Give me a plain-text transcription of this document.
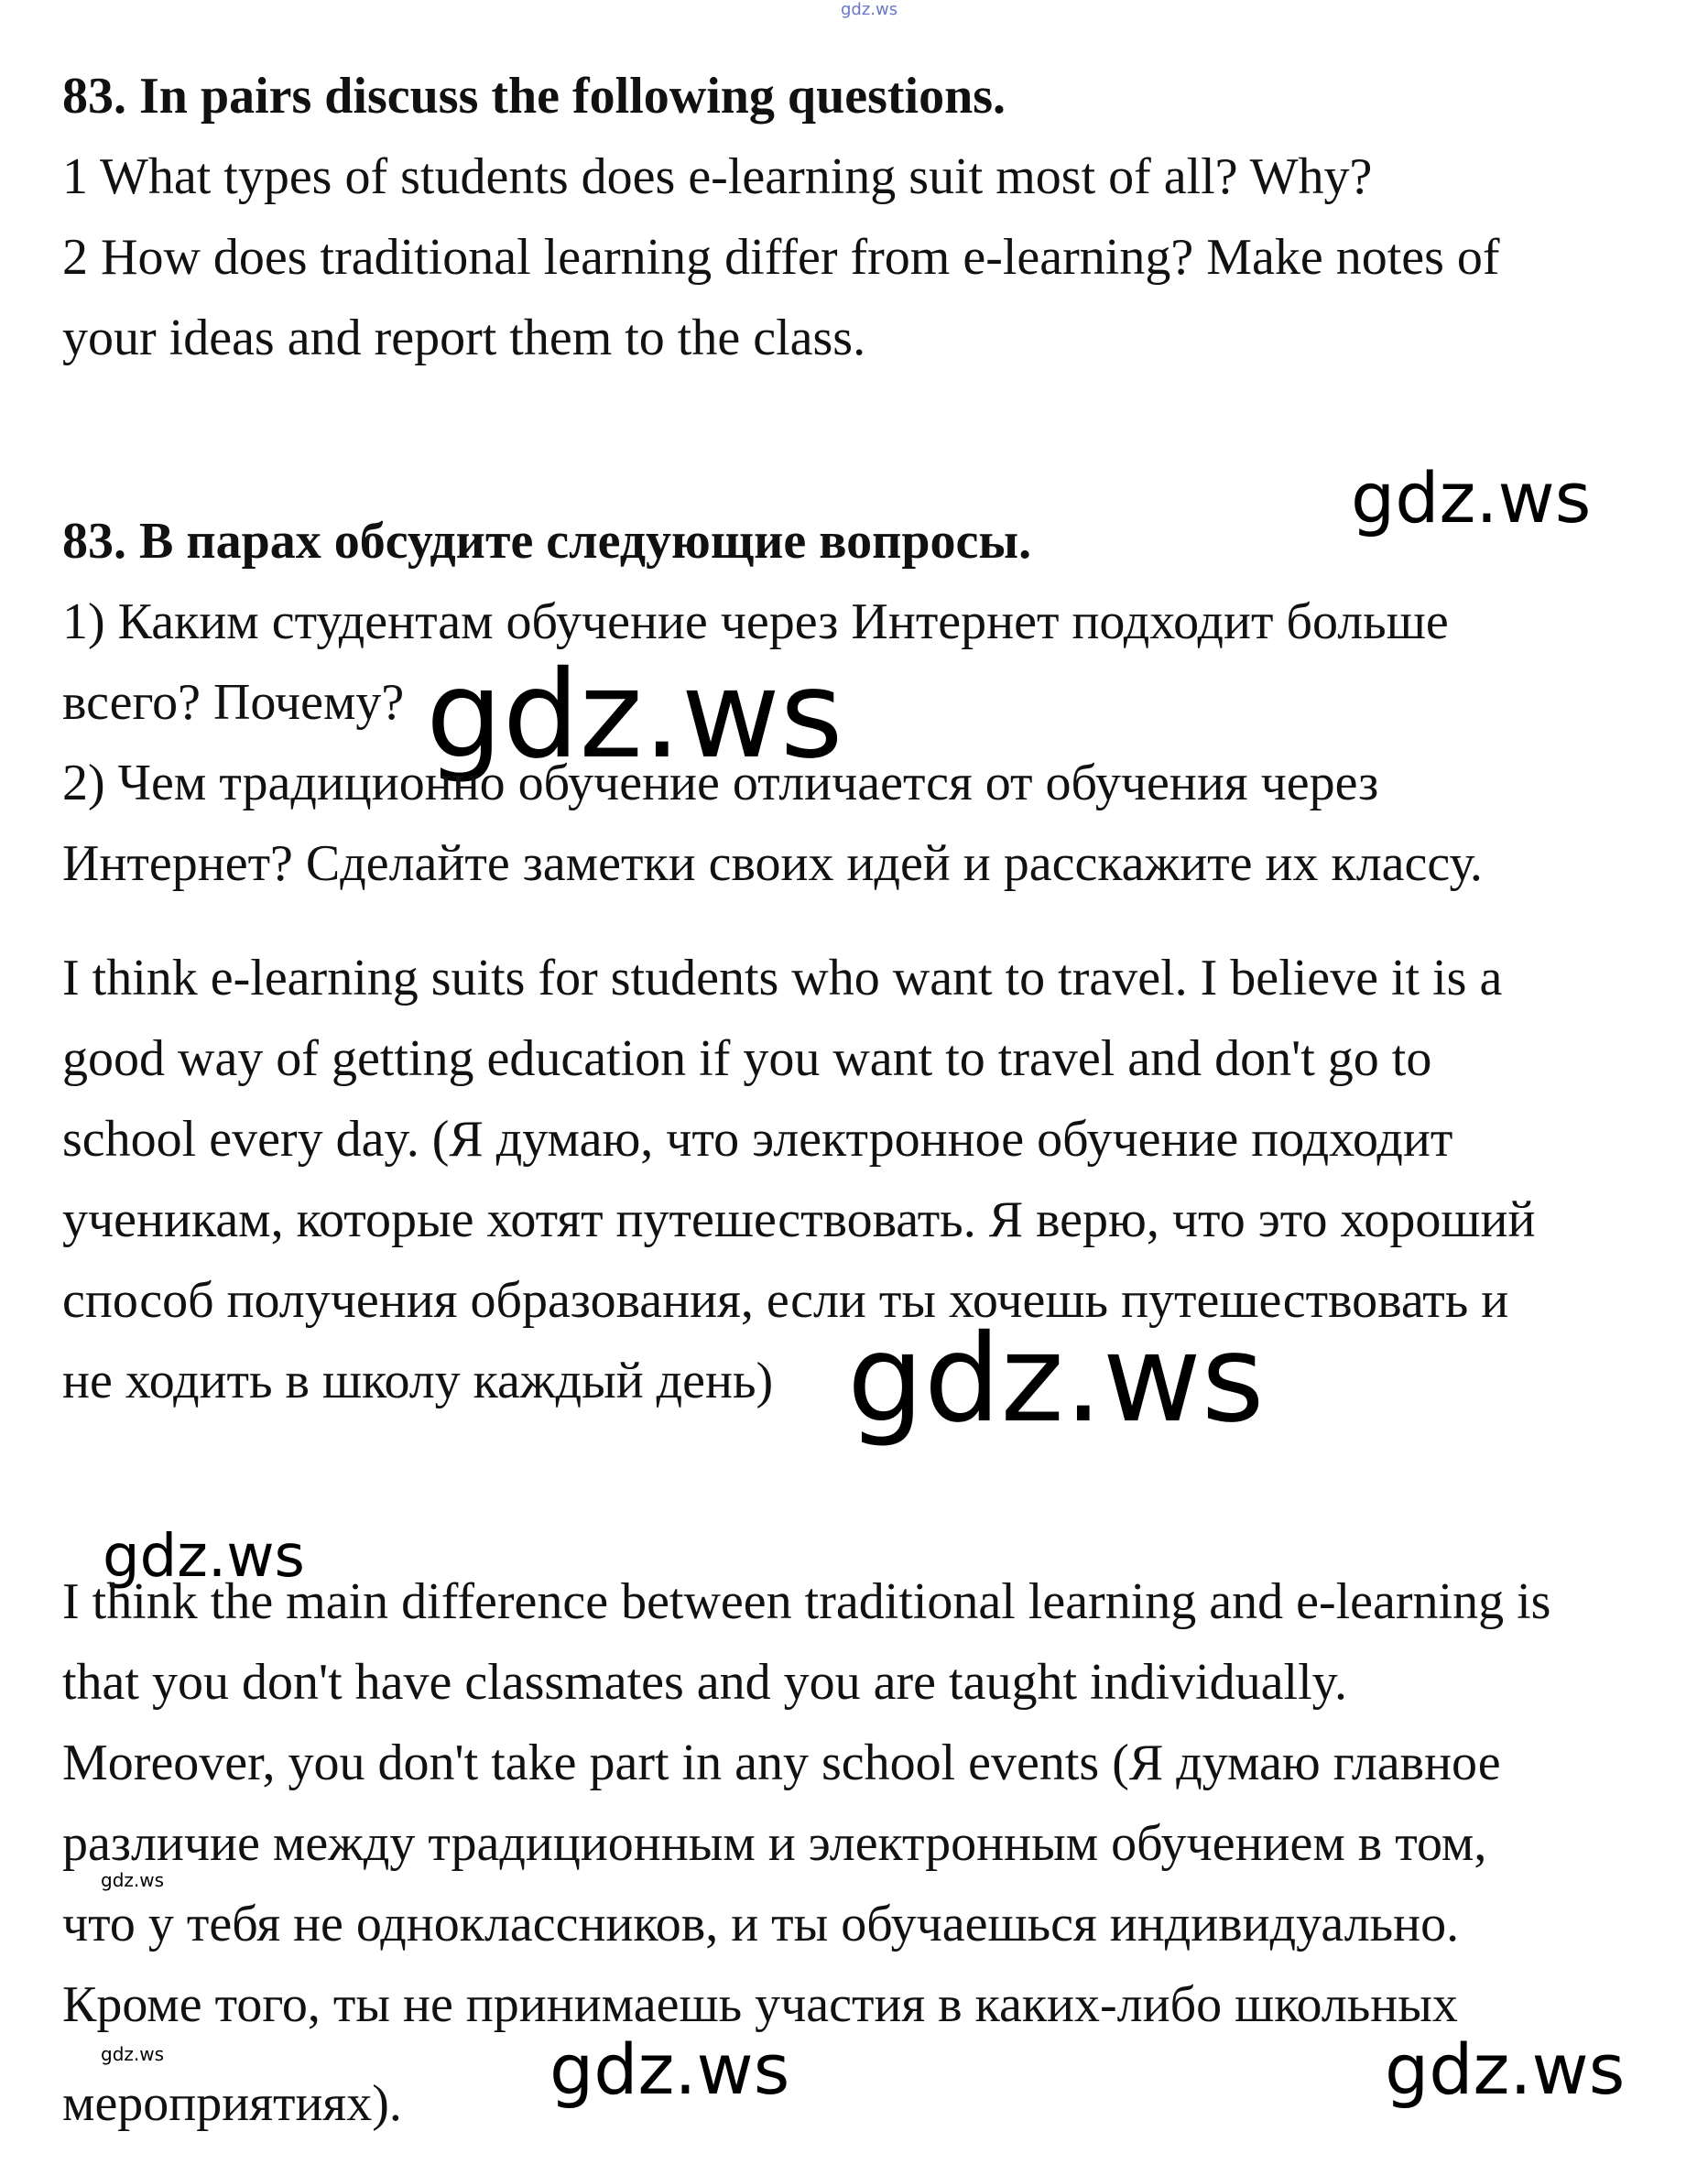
gdz.ws

83. In pairs discuss the following questions.

1 What types of students does e-learning suit most of all? Why?

2 How does traditional learning differ from e-learning? Make notes of

your ideas and report them to the class.

gdz.ws

83. В парах обсудите следующие вопросы.

1) Каким студентам обучение через Интернет подходит больше

всего? Почему? gdz.ws

2) Чем традиционно обучение отличается от обучения через

Интернет? Сделайте заметки своих идей и расскажите их классу.

I think e-learning suits for students who want to travel. I believe it is a

good way of getting education if you want to travel and don't go to

school every day. (Я думаю, что электронное обучение подходит

ученикам, которые хотят путешествовать. Я верю, что это хороший

способ получения образования, если ты хочешь путешествовать и

не ходить в школу каждый день) gdz.ws
gdz.ws

I think the main difference between traditional learning and e-learning is

that you don't have classmates and you are taught individually.

Moreover, you don't take part in any school events (Я думаю главное

различие между традиционным и электронным обучением в том,

gdz.ws

что у тебя не одноклассников, и ты обучаешься индивидуально.

Кроме того, ты не принимаешь участия в каких-либо школьных

gdz.ws	gdz.ws	gdz.ws

мероприятиях).
